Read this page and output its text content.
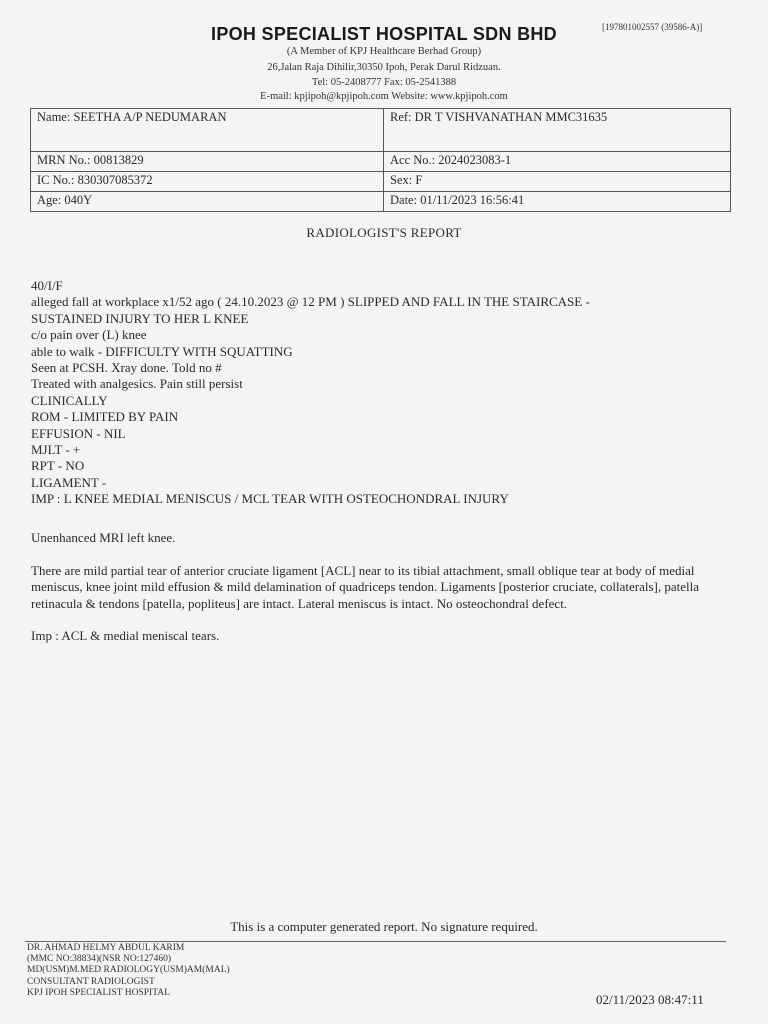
[197801002557 (39586-A)]
IPOH SPECIALIST HOSPITAL SDN BHD
(A Member of KPJ Healthcare Berhad Group)
26,Jalan Raja Dihilir,30350 Ipoh, Perak Darul Ridzuan.
Tel: 05-2408777 Fax: 05-2541388
E-mail: kpjipoh@kpjipoh.com Website: www.kpjipoh.com
Name: SEETHA A/P NEDUMARAN	Ref: DR T VISHVANATHAN MMC31635
MRN No.: 00813829	Acc No.: 2024023083-1
IC No.: 830307085372	Sex: F
Age: 040Y	Date: 01/11/2023 16:56:41
RADIOLOGIST'S REPORT
40/I/F
alleged fall at workplace x1/52 ago ( 24.10.2023 @ 12 PM ) SLIPPED AND FALL IN THE STAIRCASE -
SUSTAINED INJURY TO HER L KNEE
c/o pain over (L) knee
able to walk - DIFFICULTY WITH SQUATTING
Seen at PCSH. Xray done. Told no #
Treated with analgesics. Pain still persist
CLINICALLY
ROM - LIMITED BY PAIN
EFFUSION - NIL
MJLT - +
RPT - NO
LIGAMENT -
IMP : L KNEE MEDIAL MENISCUS / MCL TEAR WITH OSTEOCHONDRAL INJURY

Unenhanced MRI left knee.

There are mild partial tear of anterior cruciate ligament [ACL] near to its tibial attachment, small oblique tear at body of medial meniscus, knee joint mild effusion & mild delamination of quadriceps tendon. Ligaments [posterior cruciate, collaterals], patella retinacula & tendons [patella, popliteus] are intact. Lateral meniscus is intact. No osteochondral defect.

Imp : ACL & medial meniscal tears.

This is a computer generated report. No signature required.
DR. AHMAD HELMY ABDUL KARIM
(MMC NO:38834)(NSR NO:127460)
MD(USM)M.MED RADIOLOGY(USM)AM(MAL)
CONSULTANT RADIOLOGIST
KPJ IPOH SPECIALIST HOSPITAL	02/11/2023 08:47:11
